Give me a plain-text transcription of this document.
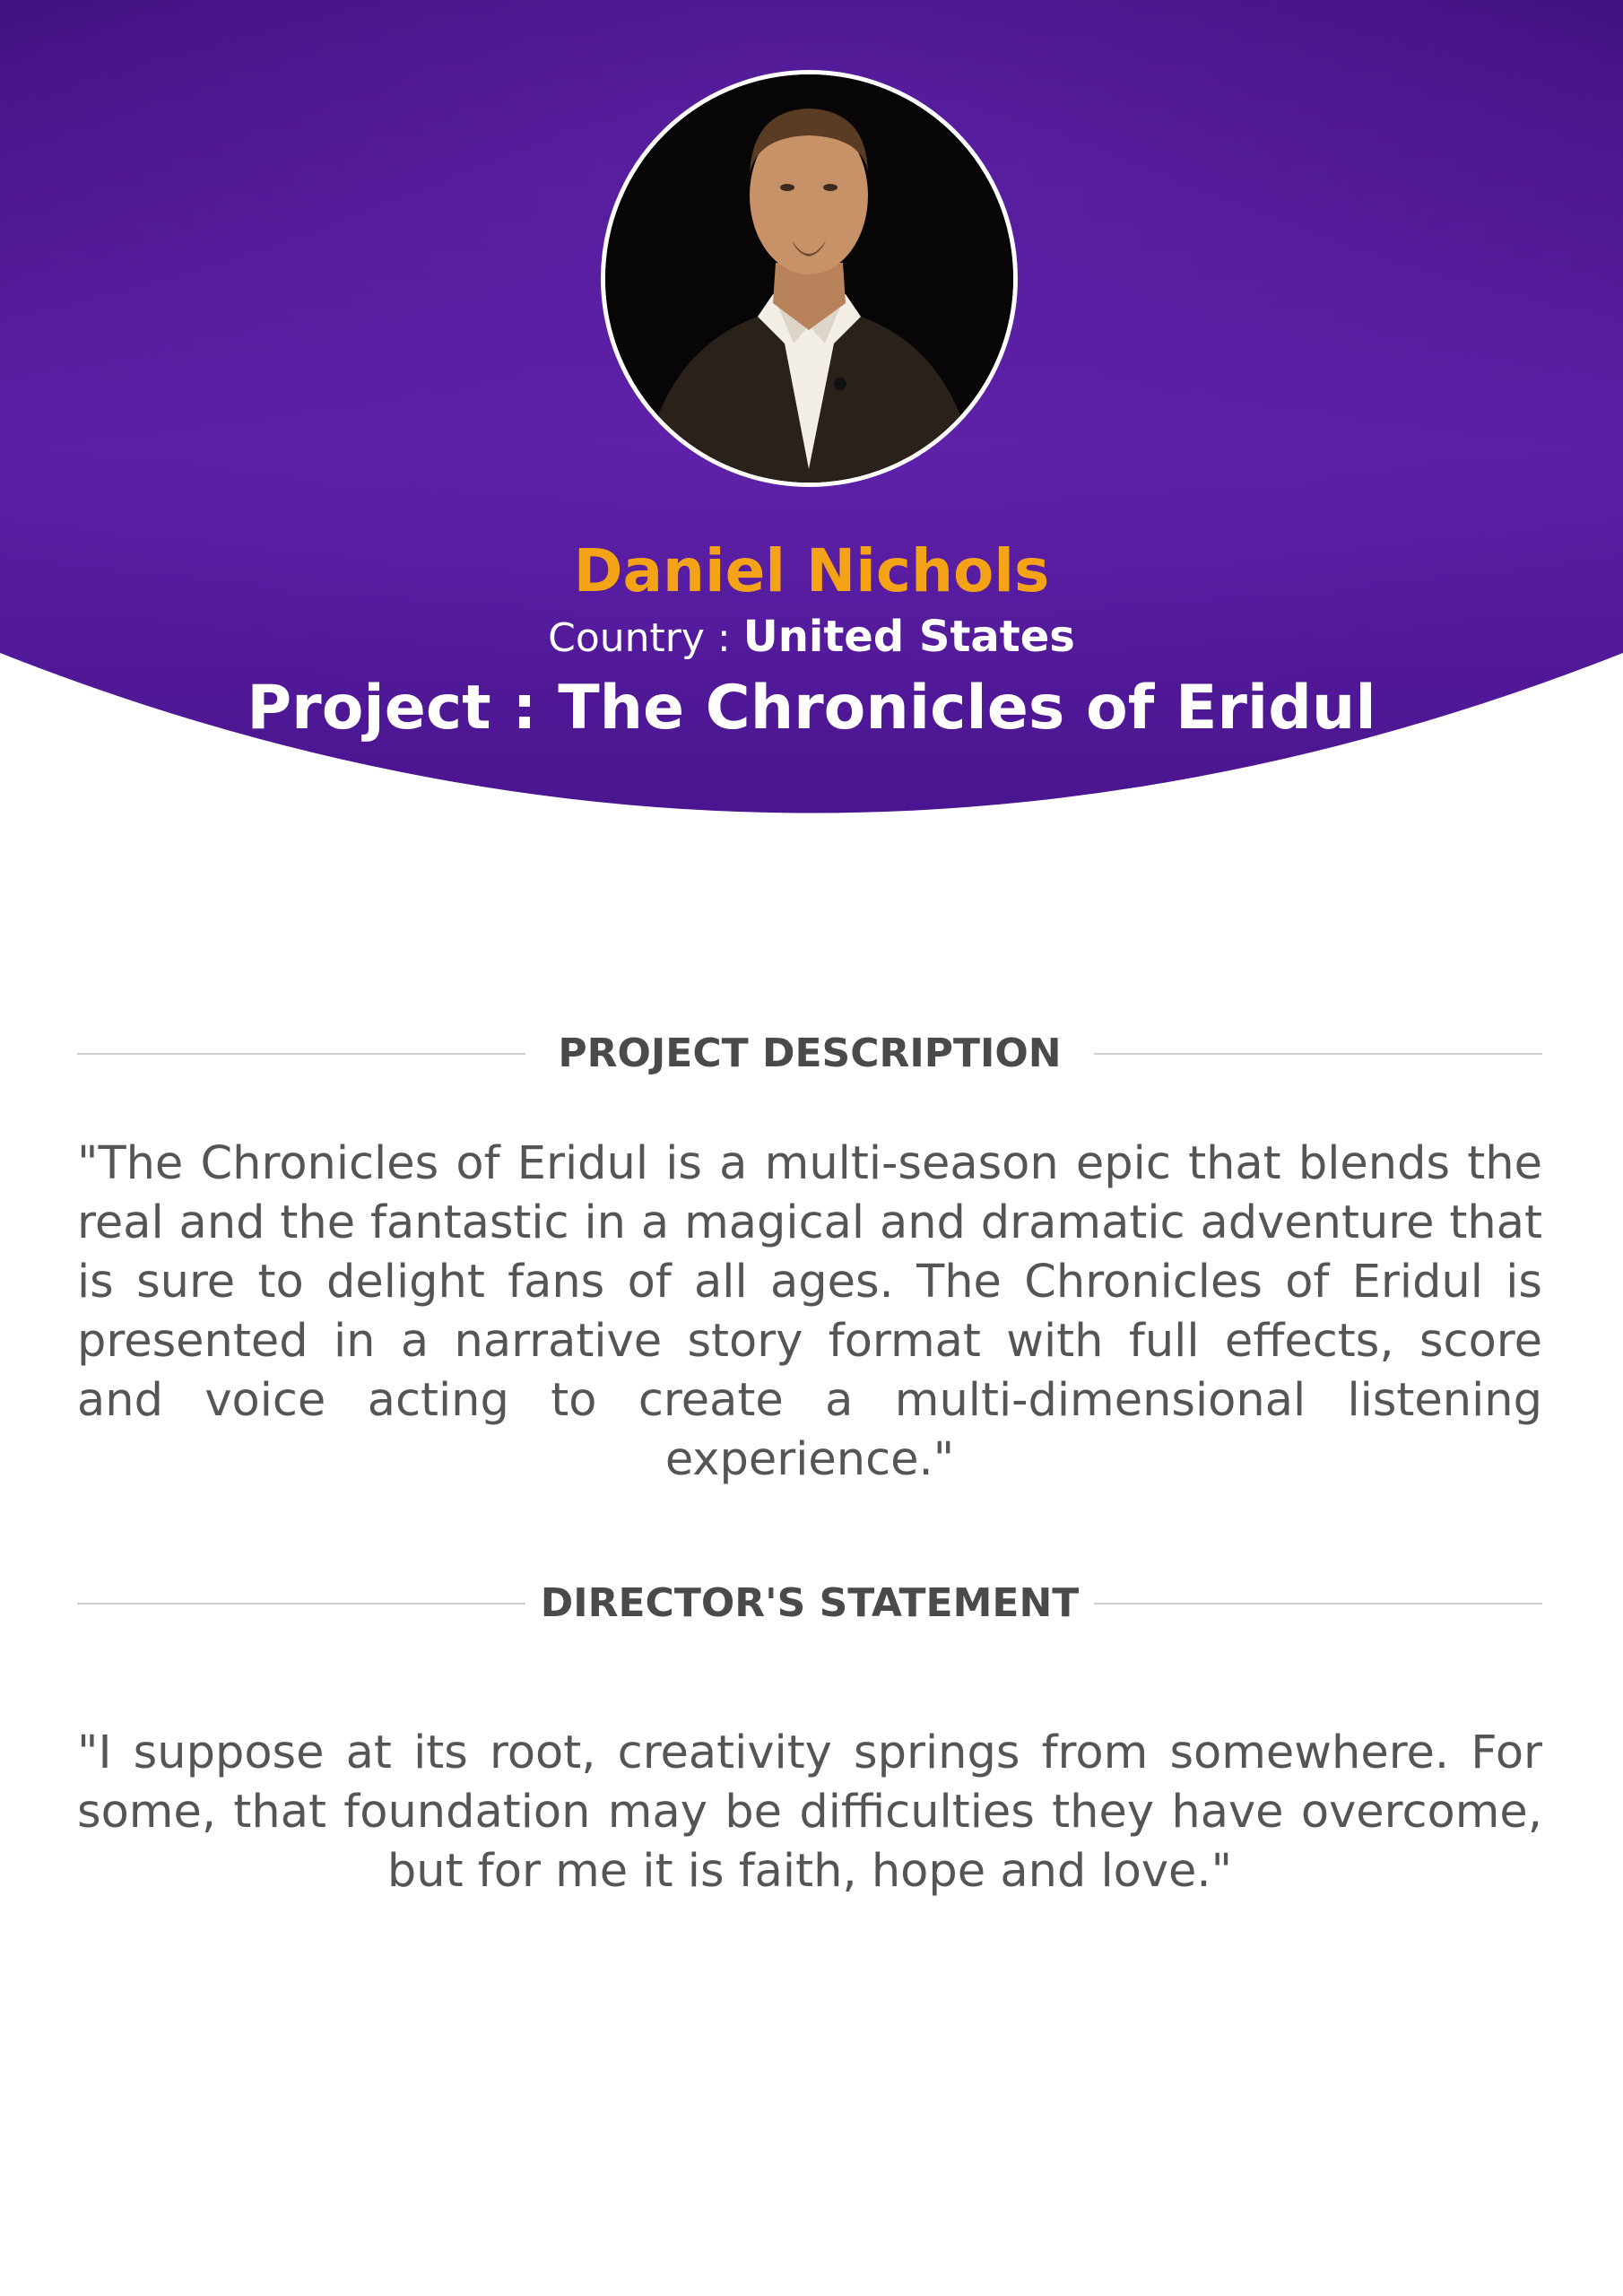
Daniel Nichols
Country : United States
Project : The Chronicles of Eridul
PROJECT DESCRIPTION
"The Chronicles of Eridul is a multi-season epic that blends the real and the fantastic in a magical and dramatic adventure that is sure to delight fans of all ages. The Chronicles of Eridul is presented in a narrative story format with full effects, score and voice acting to create a multi-dimensional listening experience."
DIRECTOR'S STATEMENT
"I suppose at its root, creativity springs from somewhere. For some, that foundation may be difficulties they have overcome, but for me it is faith, hope and love."
